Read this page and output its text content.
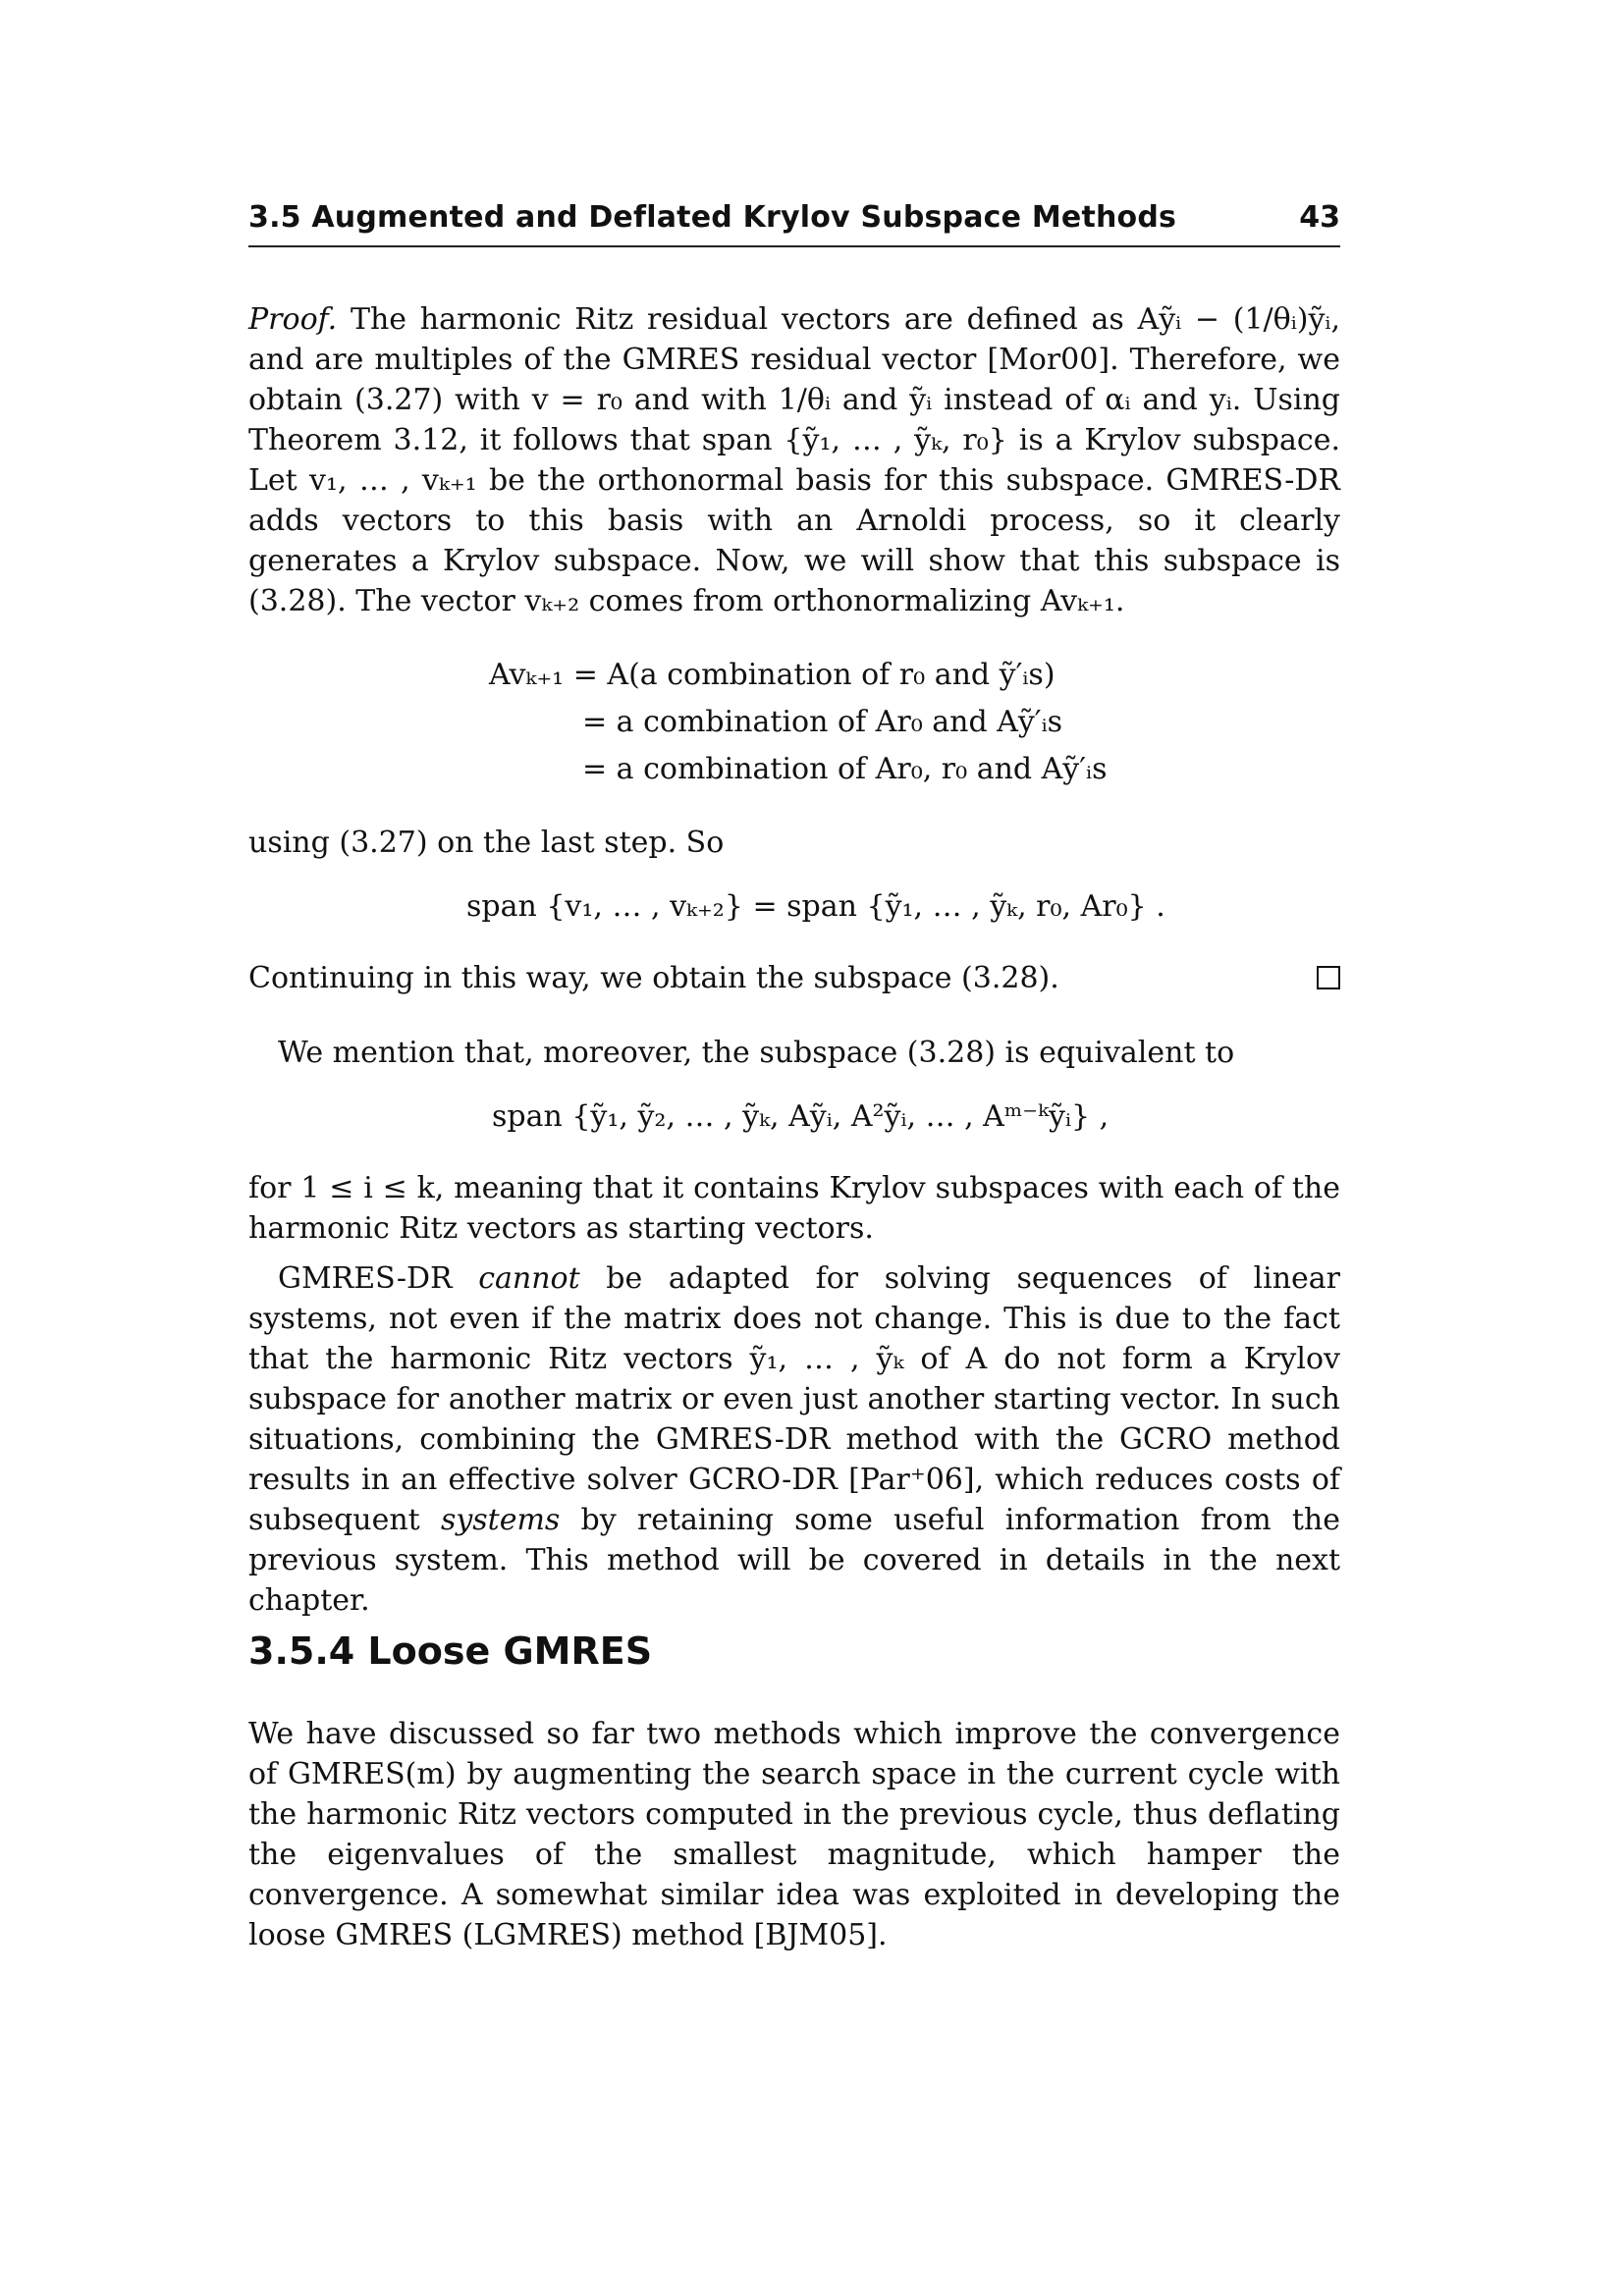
3.5 Augmented and Deflated Krylov Subspace Methods	43

Proof. The harmonic Ritz residual vectors are defined as Aỹᵢ − (1/θᵢ)ỹᵢ, and are multiples of the GMRES residual vector [Mor00]. Therefore, we obtain (3.27) with v = r₀ and with 1/θᵢ and ỹᵢ instead of αᵢ and yᵢ. Using Theorem 3.12, it follows that span {ỹ₁, … , ỹₖ, r₀} is a Krylov subspace. Let v₁, … , vₖ₊₁ be the orthonormal basis for this subspace. GMRES-DR adds vectors to this basis with an Arnoldi process, so it clearly generates a Krylov subspace. Now, we will show that this subspace is (3.28). The vector vₖ₊₂ comes from orthonormalizing Avₖ₊₁.

Avₖ₊₁ = A(a combination of r₀ and ỹ′ᵢs)
= a combination of Ar₀ and Aỹ′ᵢs
= a combination of Ar₀, r₀ and Aỹ′ᵢs

using (3.27) on the last step. So

span {v₁, … , vₖ₊₂} = span {ỹ₁, … , ỹₖ, r₀, Ar₀} .

Continuing in this way, we obtain the subspace (3.28).

We mention that, moreover, the subspace (3.28) is equivalent to

span {ỹ₁, ỹ₂, … , ỹₖ, Aỹᵢ, A²ỹᵢ, … , Aᵐ⁻ᵏỹᵢ} ,

for 1 ≤ i ≤ k, meaning that it contains Krylov subspaces with each of the harmonic Ritz vectors as starting vectors.

GMRES-DR cannot be adapted for solving sequences of linear systems, not even if the matrix does not change. This is due to the fact that the harmonic Ritz vectors ỹ₁, … , ỹₖ of A do not form a Krylov subspace for another matrix or even just another starting vector. In such situations, combining the GMRES-DR method with the GCRO method results in an effective solver GCRO-DR [Par⁺06], which reduces costs of subsequent systems by retaining some useful information from the previous system. This method will be covered in details in the next chapter.

3.5.4 Loose GMRES

We have discussed so far two methods which improve the convergence of GMRES(m) by augmenting the search space in the current cycle with the harmonic Ritz vectors computed in the previous cycle, thus deflating the eigenvalues of the smallest magnitude, which hamper the convergence. A somewhat similar idea was exploited in developing the loose GMRES (LGMRES) method [BJM05].
